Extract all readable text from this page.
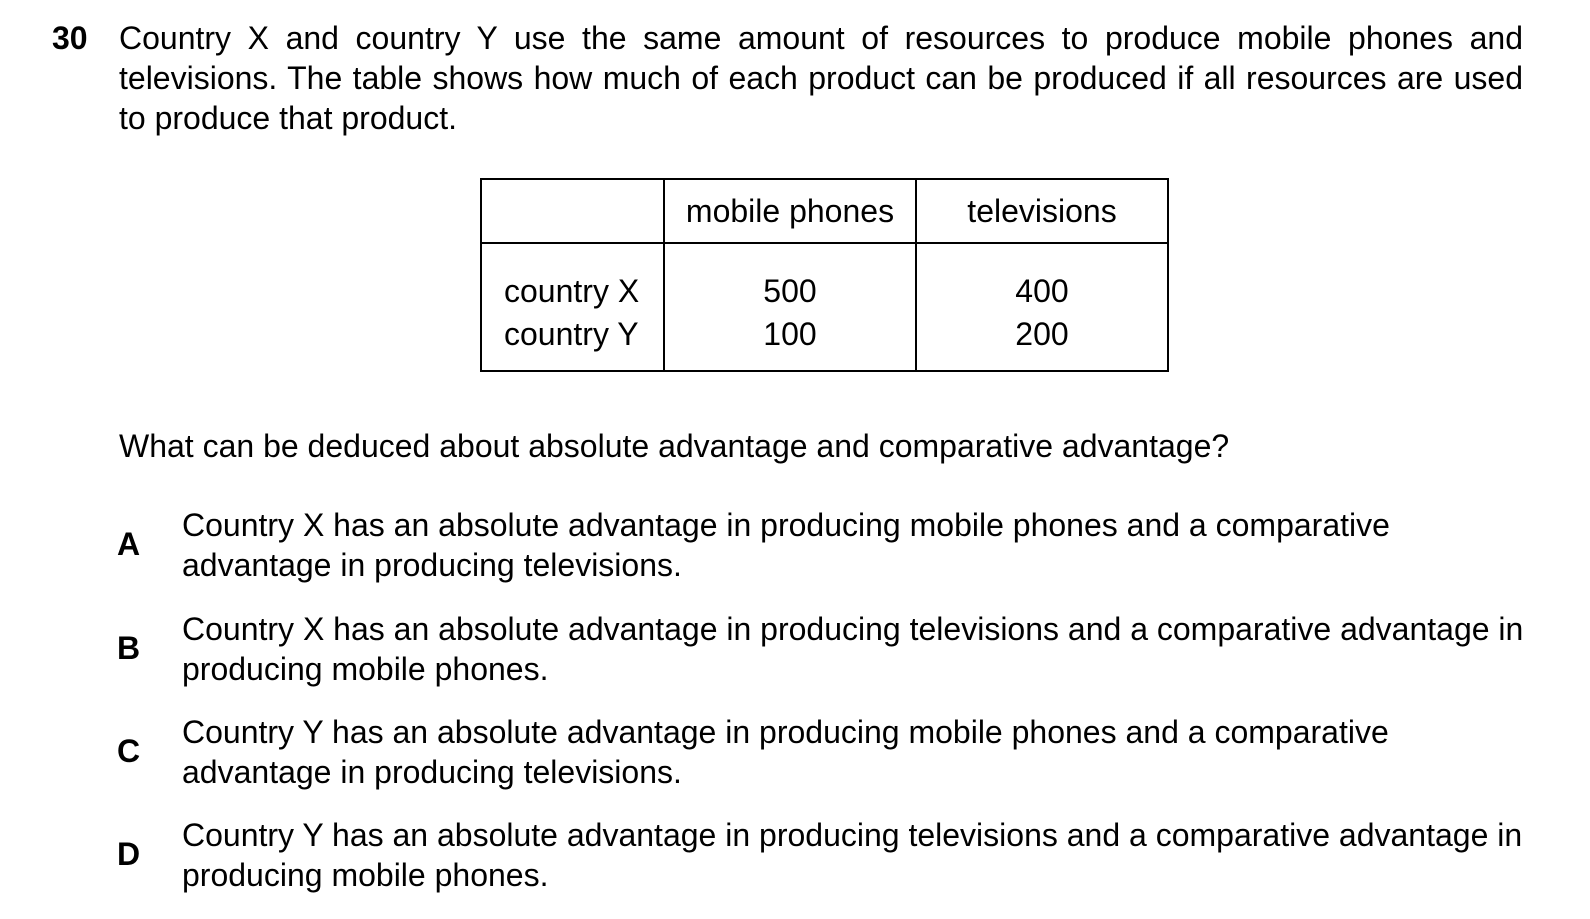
30 Country X and country Y use the same amount of resources to produce mobile phones and televisions. The table shows how much of each product can be produced if all resources are used to produce that product.
	mobile phones	televisions
country X	500	400
country Y	100	200
What can be deduced about absolute advantage and comparative advantage?
A
Country X has an absolute advantage in producing mobile phones and a comparative advantage in producing televisions.
B
Country X has an absolute advantage in producing televisions and a comparative advantage in producing mobile phones.
C
Country Y has an absolute advantage in producing mobile phones and a comparative advantage in producing televisions.
D
Country Y has an absolute advantage in producing televisions and a comparative advantage in producing mobile phones.
